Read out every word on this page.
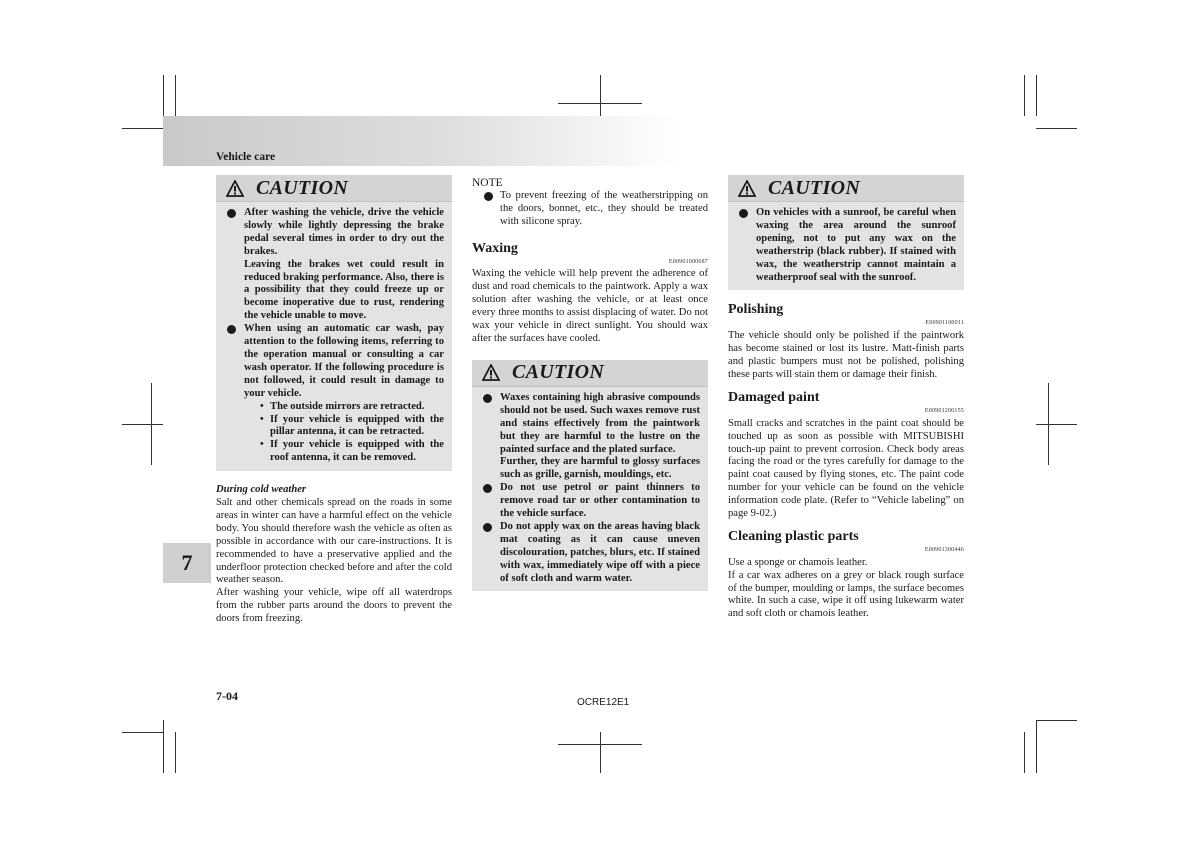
Vehicle care
7
CAUTION
After washing the vehicle, drive the vehicle slowly while lightly depressing the brake pedal several times in order to dry out the brakes.
Leaving the brakes wet could result in reduced braking performance. Also, there is a possibility that they could freeze up or become inoperative due to rust, rendering the vehicle unable to move.
When using an automatic car wash, pay attention to the following items, referring to the operation manual or consulting a car wash operator. If the following procedure is not followed, it could result in damage to your vehicle.
• The outside mirrors are retracted.
• If your vehicle is equipped with the pillar antenna, it can be retracted.
• If your vehicle is equipped with the roof antenna, it can be removed.

During cold weather

Salt and other chemicals spread on the roads in some areas in winter can have a harmful effect on the vehicle body. You should therefore wash the vehicle as often as possible in accordance with our care-instructions. It is recommended to have a preservative applied and the underfloor protection checked before and after the cold weather season.

After washing your vehicle, wipe off all waterdrops from the rubber parts around the doors to prevent the doors from freezing.

NOTE

To prevent freezing of the weatherstripping on the doors, bonnet, etc., they should be treated with silicone spray.

Waxing

E00901000687

Waxing the vehicle will help prevent the adherence of dust and road chemicals to the paintwork. Apply a wax solution after washing the vehicle, or at least once every three months to assist displacing of water. Do not wax your vehicle in direct sunlight. You should wax after the surfaces have cooled.

CAUTION
Waxes containing high abrasive compounds should not be used. Such waxes remove rust and stains effectively from the paintwork but they are harmful to the lustre on the painted surface and the plated surface.
Further, they are harmful to glossy surfaces such as grille, garnish, mouldings, etc.
Do not use petrol or paint thinners to remove road tar or other contamination to the vehicle surface.
Do not apply wax on the areas having black mat coating as it can cause uneven discolouration, patches, blurs, etc. If stained with wax, immediately wipe off with a piece of soft cloth and warm water.
CAUTION
On vehicles with a sunroof, be careful when waxing the area around the sunroof opening, not to put any wax on the weatherstrip (black rubber). If stained with wax, the weatherstrip cannot maintain a weatherproof seal with the sunroof.

Polishing

E00901100011

The vehicle should only be polished if the paintwork has become stained or lost its lustre. Matt-finish parts and plastic bumpers must not be polished, polishing these parts will stain them or damage their finish.

Damaged paint

E00901200155

Small cracks and scratches in the paint coat should be touched up as soon as possible with MITSUBISHI touch-up paint to prevent corrosion. Check body areas facing the road or the tyres carefully for damage to the paint coat caused by flying stones, etc. The paint code number for your vehicle can be found on the vehicle information code plate. (Refer to “Vehicle labeling” on page 9-02.)

Cleaning plastic parts

E00901300446

Use a sponge or chamois leather.

If a car wax adheres on a grey or black rough surface of the bumper, moulding or lamps, the surface becomes white. In such a case, wipe it off using lukewarm water and soft cloth or chamois leather.

7-04	OCRE12E1
